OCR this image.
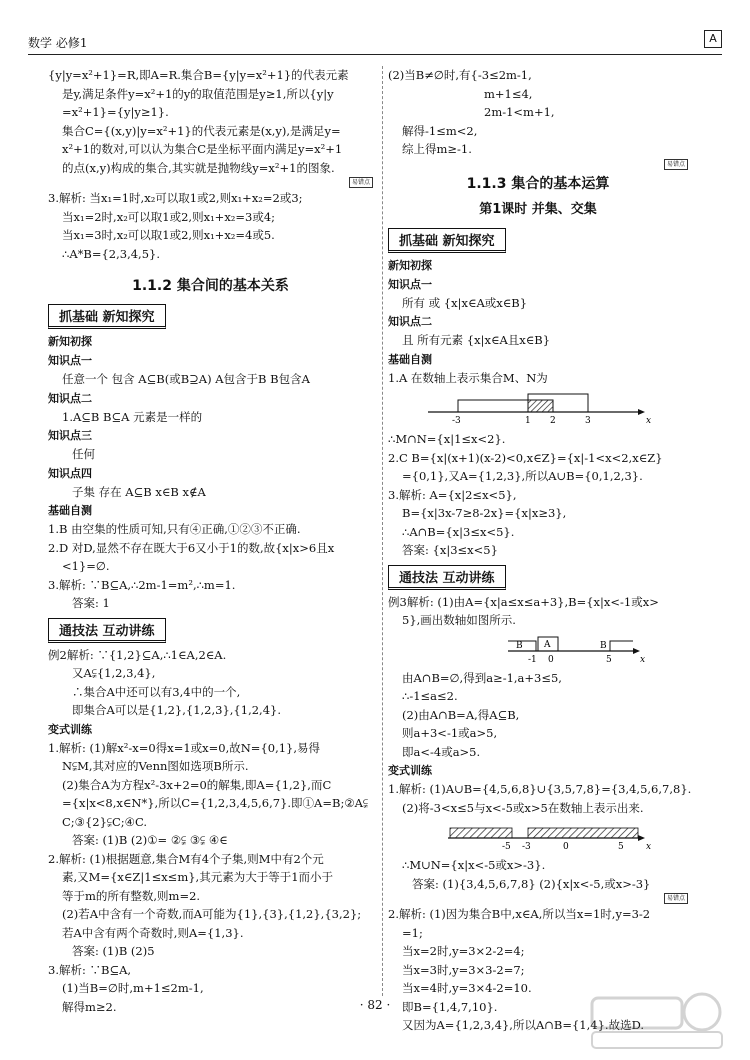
数学 必修1	A
{y|y=x²+1}=R,即A=R.集合B={y|y=x²+1}的代表元素
是y,满足条件y=x²+1的y的取值范围是y≥1,所以{y|y
=x²+1}={y|y≥1}.
集合C={(x,y)|y=x²+1}的代表元素是(x,y),是满足y=
x²+1的数对,可以认为集合C是坐标平面内满足y=x²+1
的点(x,y)构成的集合,其实就是抛物线y=x²+1的图象.
易错点
3.解析: 当x₁=1时,x₂可以取1或2,则x₁+x₂=2或3;
当x₁=2时,x₂可以取1或2,则x₁+x₂=3或4;
当x₁=3时,x₂可以取1或2,则x₁+x₂=4或5.
∴A*B={2,3,4,5}.
1.1.2 集合间的基本关系
抓基础 新知探究
新知初探
知识点一
任意一个 包含 A⊆B(或B⊇A) A包含于B B包含A
知识点二
1.A⊆B B⊆A 元素是一样的
知识点三
任何
知识点四
子集 存在 A⊆B x∈B x∉A
基础自测
1.B 由空集的性质可知,只有④正确,①②③不正确.
2.D 对D,显然不存在既大于6又小于1的数,故{x|x>6且x
<1}=∅.
3.解析: ∵B⊆A,∴2m-1=m²,∴m=1.
答案: 1
通技法 互动讲练
例2解析: ∵{1,2}⊆A,∴1∈A,2∈A.
又A⫋{1,2,3,4},
∴集合A中还可以有3,4中的一个,
即集合A可以是{1,2},{1,2,3},{1,2,4}.
变式训练
1.解析: (1)解x²-x=0得x=1或x=0,故N={0,1},易得
N⫋M,其对应的Venn图如选项B所示.
(2)集合A为方程x²-3x+2=0的解集,即A={1,2},而C
={x|x<8,x∈N*},所以C={1,2,3,4,5,6,7}.即①A=B;②A⫋
C;③{2}⫋C;④C.
答案: (1)B (2)①= ②⫋ ③⫋ ④∈
2.解析: (1)根据题意,集合M有4个子集,则M中有2个元
素,又M={x∈Z|1≤x≤m},其元素为大于等于1而小于
等于m的所有整数,则m=2.
(2)若A中含有一个奇数,而A可能为{1},{3},{1,2},{3,2};
若A中含有两个奇数时,则A={1,3}.
答案: (1)B (2)5
3.解析: ∵B⊆A,
(1)当B=∅时,m+1≤2m-1,
解得m≥2.
(2)当B≠∅时,有{-3≤2m-1,
m+1≤4,
2m-1<m+1,
解得-1≤m<2,
综上得m≥-1.
易错点
1.1.3 集合的基本运算
第1课时 并集、交集
抓基础 新知探究
新知初探
知识点一
所有 或 {x|x∈A或x∈B}
知识点二
且 所有元素 {x|x∈A且x∈B}
基础自测
1.A 在数轴上表示集合M、N为
-3	1 2	3	x
∴M∩N={x|1≤x<2}.
2.C B={x|(x+1)(x-2)<0,x∈Z}={x|-1<x<2,x∈Z}
={0,1},又A={1,2,3},所以A∪B={0,1,2,3}.
3.解析: A={x|2≤x<5},
B={x|3x-7≥8-2x}={x|x≥3},
∴A∩B={x|3≤x<5}.
答案: {x|3≤x<5}
通技法 互动讲练
例3解析: (1)由A={x|a≤x≤a+3},B={x|x<-1或x>
5},画出数轴如图所示.
B A	B
-1 0	5	x
由A∩B=∅,得到a≥-1,a+3≤5,
∴-1≤a≤2.
(2)由A∩B=A,得A⊆B,
则a+3<-1或a>5,
即a<-4或a>5.
变式训练
1.解析: (1)A∪B={4,5,6,8}∪{3,5,7,8}={3,4,5,6,7,8}.
(2)将-3<x≤5与x<-5或x>5在数轴上表示出来.
-5 -3	0	5 x
∴M∪N={x|x<-5或x>-3}.
答案: (1){3,4,5,6,7,8} (2){x|x<-5,或x>-3}
易错点
2.解析: (1)因为集合B中,x∈A,所以当x=1时,y=3-2
=1;
当x=2时,y=3×2-2=4;
当x=3时,y=3×3-2=7;
当x=4时,y=3×4-2=10.
即B={1,4,7,10}.
又因为A={1,2,3,4},所以A∩B={1,4}.故选D.
· 82 ·
